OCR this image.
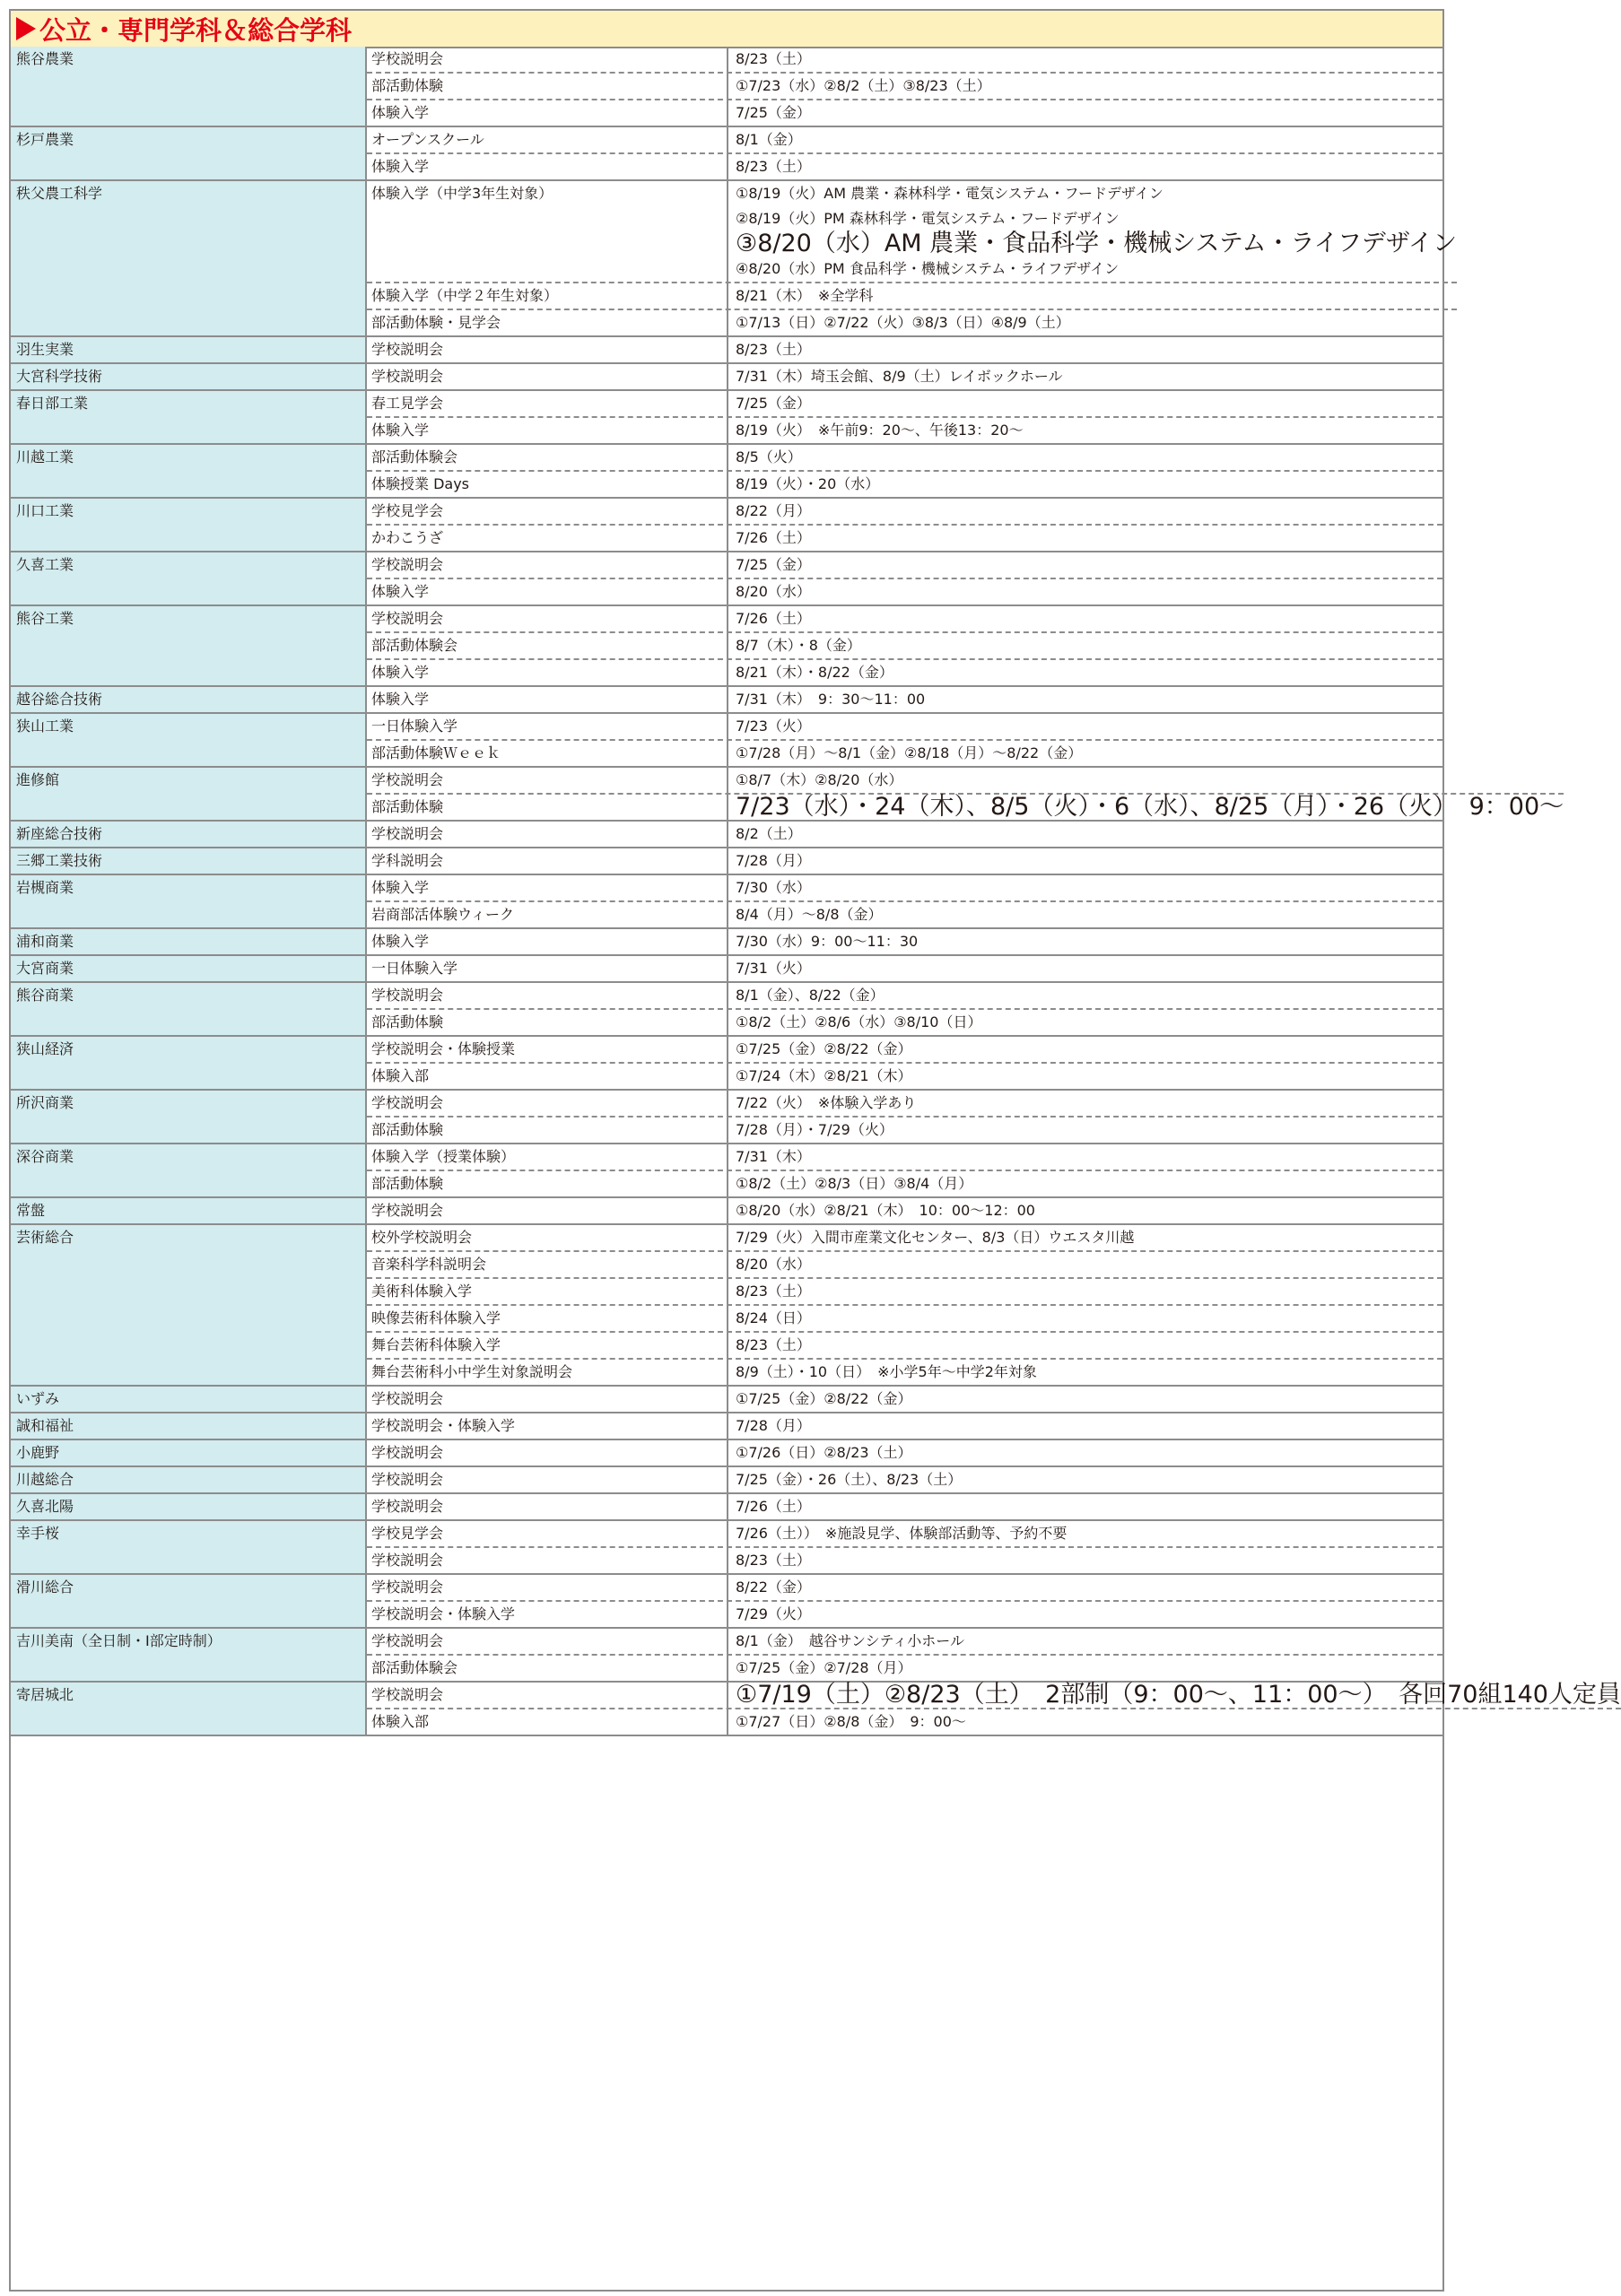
公立・専門学科＆総合学科
熊谷農業	学校説明会	8/23（土）
部活動体験	①7/23（水）②8/2（土）③8/23（土）
体験入学	7/25（金）
杉戸農業	オープンスクール	8/1（金）
体験入学	8/23（土）
秩父農工科学	体験入学（中学3年生対象）	①8/19（火）AM 農業・森林科学・電気システム・フードデザイン
②8/19（火）PM 森林科学・電気システム・フードデザイン
③8/20（水）AM 農業・食品科学・機械システム・ライフデザイン
④8/20（水）PM 食品科学・機械システム・ライフデザイン
体験入学（中学２年生対象）	8/21（木）　※全学科
部活動体験・見学会	①7/13（日）②7/22（火）③8/3（日）④8/9（土）
羽生実業	学校説明会	8/23（土）
大宮科学技術	学校説明会	7/31（木）埼玉会館、8/9（土）レイボックホール
春日部工業	春工見学会	7/25（金）
体験入学	8/19（火）　※午前9：20〜、午後13：20〜
川越工業	部活動体験会	8/5（火）
体験授業 Days	8/19（火）・20（水）
川口工業	学校見学会	8/22（月）
かわこうざ	7/26（土）
久喜工業	学校説明会	7/25（金）
体験入学	8/20（水）
熊谷工業	学校説明会	7/26（土）
部活動体験会	8/7（木）・8（金）
体験入学	8/21（木）・8/22（金）
越谷総合技術	体験入学	7/31（木）　9：30〜11：00
狭山工業	一日体験入学	7/23（火）
部活動体験Ｗｅｅｋ	①7/28（月）〜8/1（金）②8/18（月）〜8/22（金）
進修館	学校説明会	①8/7（木）②8/20（水）
部活動体験	7/23（水）・24（木）、8/5（火）・6（水）、8/25（月）・26（火）　9：00〜
新座総合技術	学校説明会	8/2（土）
三郷工業技術	学科説明会	7/28（月）
岩槻商業	体験入学	7/30（水）
岩商部活体験ウィーク	8/4（月）〜8/8（金）
浦和商業	体験入学	7/30（水）9：00〜11：30
大宮商業	一日体験入学	7/31（火）
熊谷商業	学校説明会	8/1（金）、8/22（金）
部活動体験	①8/2（土）②8/6（水）③8/10（日）
狭山経済	学校説明会・体験授業	①7/25（金）②8/22（金）
体験入部	①7/24（木）②8/21（木）
所沢商業	学校説明会	7/22（火）　※体験入学あり
部活動体験	7/28（月）・7/29（火）
深谷商業	体験入学（授業体験）	7/31（木）
部活動体験	①8/2（土）②8/3（日）③8/4（月）
常盤	学校説明会	①8/20（水）②8/21（木）　10：00〜12：00
芸術総合	校外学校説明会	7/29（火）入間市産業文化センター、8/3（日）ウエスタ川越
音楽科学科説明会	8/20（水）
美術科体験入学	8/23（土）
映像芸術科体験入学	8/24（日）
舞台芸術科体験入学	8/23（土）
舞台芸術科小中学生対象説明会	8/9（土）・10（日）　※小学5年〜中学2年対象
いずみ	学校説明会	①7/25（金）②8/22（金）
誠和福祉	学校説明会・体験入学	7/28（月）
小鹿野	学校説明会	①7/26（日）②8/23（土）
川越総合	学校説明会	7/25（金）・26（土）、8/23（土）
久喜北陽	学校説明会	7/26（土）
幸手桜	学校見学会	7/26（土））　※施設見学、体験部活動等、予約不要
学校説明会	8/23（土）
滑川総合	学校説明会	8/22（金）
学校説明会・体験入学	7/29（火）
吉川美南（全日制・Ⅰ部定時制）	学校説明会	8/1（金）　越谷サンシティ小ホール
部活動体験会	①7/25（金）②7/28（月）
寄居城北	学校説明会	①7/19（土）②8/23（土）　2部制（9：00〜、11：00〜）　各回70組140人定員
体験入部	①7/27（日）②8/8（金）　9：00〜
